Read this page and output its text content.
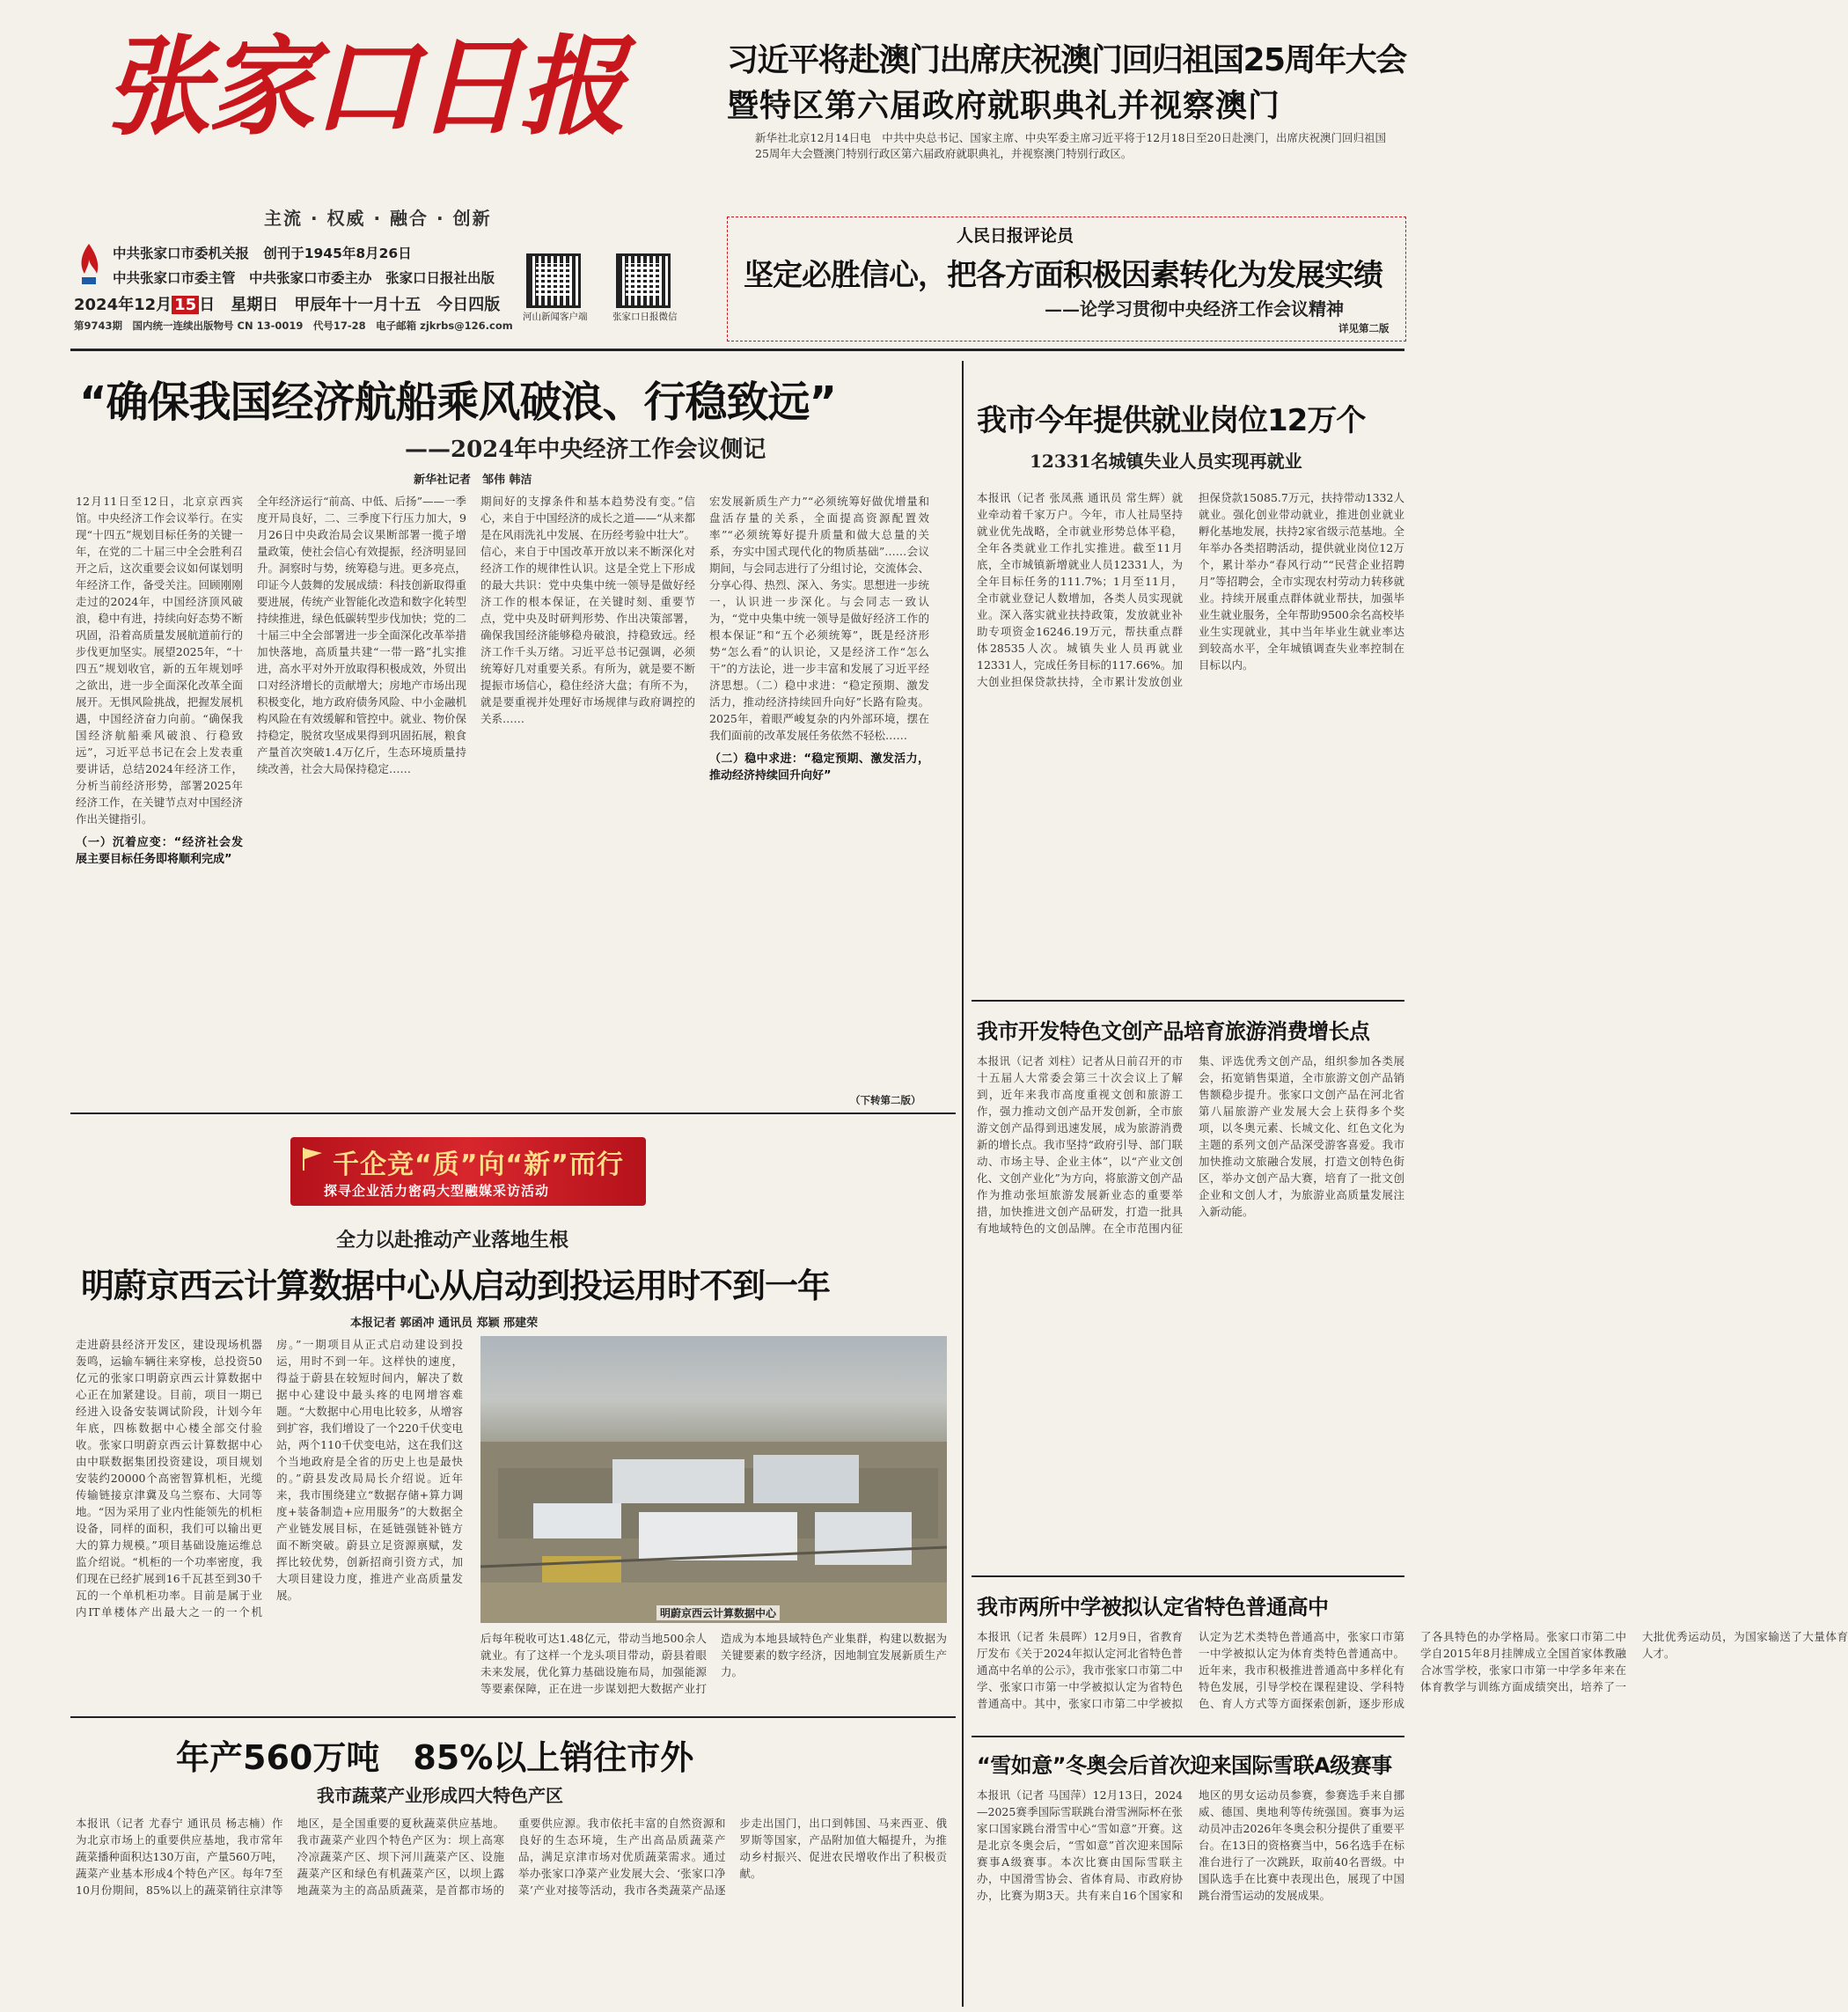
张家口日报
主流 · 权威 · 融合 · 创新
中共张家口市委机关报 创刊于1945年8月26日
中共张家口市委主管　中共张家口市委主办　张家口日报社出版
2024年12月 15 日　星期日　甲辰年十一月十五　今日四版
第9743期　国内统一连续出版物号 CN 13-0019　代号17-28　电子邮箱 zjkrbs@126.com
河山新闻客户端	张家口日报微信
习近平将赴澳门出席庆祝澳门回归祖国25周年大会
暨特区第六届政府就职典礼并视察澳门
新华社北京12月14日电　中共中央总书记、国家主席、中央军委主席习近平将于12月18日至20日赴澳门，出席庆祝澳门回归祖国25周年大会暨澳门特别行政区第六届政府就职典礼，并视察澳门特别行政区。
人民日报评论员
坚定必胜信心，把各方面积极因素转化为发展实绩
——论学习贯彻中央经济工作会议精神
详见第二版
“确保我国经济航船乘风破浪、行稳致远”
——2024年中央经济工作会议侧记
新华社记者　邹伟 韩洁
12月11日至12日，北京京西宾馆。中央经济工作会议举行。在实现“十四五”规划目标任务的关键一年，在党的二十届三中全会胜利召开之后，这次重要会议如何谋划明年经济工作，备受关注。回顾刚刚走过的2024年，中国经济顶风破浪，稳中有进，持续向好态势不断巩固，沿着高质量发展航道前行的步伐更加坚实。展望2025年，“十四五”规划收官，新的五年规划呼之欲出，进一步全面深化改革全面展开。无惧风险挑战，把握发展机遇，中国经济奋力向前。“确保我国经济航船乘风破浪、行稳致远”，习近平总书记在会上发表重要讲话，总结2024年经济工作，分析当前经济形势，部署2025年经济工作，在关键节点对中国经济作出关键指引。
（一）沉着应变：“经济社会发展主要目标任务即将顺利完成”
全年经济运行“前高、中低、后扬”——一季度开局良好，二、三季度下行压力加大，9月26日中央政治局会议果断部署一揽子增量政策，使社会信心有效提振，经济明显回升。洞察时与势，统筹稳与进。更多亮点，印证今人鼓舞的发展成绩：科技创新取得重要进展，传统产业智能化改造和数字化转型持续推进，绿色低碳转型步伐加快；党的二十届三中全会部署进一步全面深化改革举措加快落地，高质量共建“一带一路”扎实推进，高水平对外开放取得积极成效，外贸出口对经济增长的贡献增大；房地产市场出现积极变化，地方政府债务风险、中小金融机构风险在有效缓解和管控中。就业、物价保持稳定，脱贫攻坚成果得到巩固拓展，粮食产量首次突破1.4万亿斤，生态环境质量持续改善，社会大局保持稳定……
期间好的支撑条件和基本趋势没有变。”信心，来自于中国经济的成长之道——“从来都是在风雨洗礼中发展、在历经考验中壮大”。信心，来自于中国改革开放以来不断深化对经济工作的规律性认识。这是全党上下形成的最大共识：党中央集中统一领导是做好经济工作的根本保证，在关键时刻、重要节点，党中央及时研判形势、作出决策部署，确保我国经济能够稳舟破浪，持稳致远。经济工作千头万绪。习近平总书记强调，必须统筹好几对重要关系。有所为，就是要不断提振市场信心，稳住经济大盘；有所不为，就是要重视并处理好市场规律与政府调控的关系……
宏发展新质生产力”“必须统筹好做优增量和盘活存量的关系，全面提高资源配置效率”“必须统筹好提升质量和做大总量的关系，夯实中国式现代化的物质基础”……会议期间，与会同志进行了分组讨论，交流体会、分享心得、热烈、深入、务实。思想进一步统一，认识进一步深化。与会同志一致认为，“党中央集中统一领导是做好经济工作的根本保证”和“五个必须统筹”，既是经济形势“怎么看”的认识论，又是经济工作“怎么干”的方法论，进一步丰富和发展了习近平经济思想。（二）稳中求进：“稳定预期、激发活力，推动经济持续回升向好”长路有险夷。2025年，着眼严峻复杂的内外部环境，摆在我们面前的改革发展任务依然不轻松……
（二）稳中求进：“稳定预期、激发活力，推动经济持续回升向好”
（下转第二版）
我市今年提供就业岗位12万个
12331名城镇失业人员实现再就业
本报讯（记者 张凤燕 通讯员 常生辉）就业牵动着千家万户。今年，市人社局坚持就业优先战略，全市就业形势总体平稳，全年各类就业工作扎实推进。截至11月底，全市城镇新增就业人员12331人，为全年目标任务的111.7%；1月至11月，全市就业登记人数增加，各类人员实现就业。深入落实就业扶持政策，发放就业补助专项资金16246.19万元，帮扶重点群体28535人次。城镇失业人员再就业12331人，完成任务目标的117.66%。加大创业担保贷款扶持，全市累计发放创业担保贷款15085.7万元，扶持带动1332人就业。强化创业带动就业，推进创业就业孵化基地发展，扶持2家省级示范基地。全年举办各类招聘活动，提供就业岗位12万个，累计举办“春风行动”“民营企业招聘月”等招聘会，全市实现农村劳动力转移就业。持续开展重点群体就业帮扶，加强毕业生就业服务，全年帮助9500余名高校毕业生实现就业，其中当年毕业生就业率达到较高水平，全年城镇调查失业率控制在目标以内。
我市开发特色文创产品培育旅游消费增长点
本报讯（记者 刘柱）记者从日前召开的市十五届人大常委会第三十次会议上了解到，近年来我市高度重视文创和旅游工作，强力推动文创产品开发创新，全市旅游文创产品得到迅速发展，成为旅游消费新的增长点。我市坚持“政府引导、部门联动、市场主导、企业主体”，以“产业文创化、文创产业化”为方向，将旅游文创产品作为推动张垣旅游发展新业态的重要举措，加快推进文创产品研发，打造一批具有地域特色的文创品牌。在全市范围内征集、评选优秀文创产品，组织参加各类展会，拓宽销售渠道，全市旅游文创产品销售额稳步提升。张家口文创产品在河北省第八届旅游产业发展大会上获得多个奖项，以冬奥元素、长城文化、红色文化为主题的系列文创产品深受游客喜爱。我市加快推动文旅融合发展，打造文创特色街区，举办文创产品大赛，培育了一批文创企业和文创人才，为旅游业高质量发展注入新动能。
我市两所中学被拟认定省特色普通高中
本报讯（记者 朱晨晖）12月9日，省教育厅发布《关于2024年拟认定河北省特色普通高中名单的公示》，我市张家口市第二中学、张家口市第一中学被拟认定为省特色普通高中。其中，张家口市第二中学被拟认定为艺术类特色普通高中，张家口市第一中学被拟认定为体育类特色普通高中。近年来，我市积极推进普通高中多样化有特色发展，引导学校在课程建设、学科特色、育人方式等方面探索创新，逐步形成了各具特色的办学格局。张家口市第二中学自2015年8月挂牌成立全国首家体教融合冰雪学校，张家口市第一中学多年来在体育教学与训练方面成绩突出，培养了一大批优秀运动员，为国家输送了大量体育人才。
千企竞“质”向“新”而行
探寻企业活力密码大型融媒采访活动
全力以赴推动产业落地生根
明蔚京西云计算数据中心从启动到投运用时不到一年
本报记者 郭函冲 通讯员 郑颖 邢建荣
走进蔚县经济开发区，建设现场机器轰鸣，运输车辆往来穿梭，总投资50亿元的张家口明蔚京西云计算数据中心正在加紧建设。目前，项目一期已经进入设备安装调试阶段，计划今年年底，四栋数据中心楼全部交付验收。张家口明蔚京西云计算数据中心由中联数据集团投资建设，项目规划安装约20000个高密智算机柜，光缆传输链接京津冀及乌兰察布、大同等地。“因为采用了业内性能领先的机柜设备，同样的面积，我们可以输出更大的算力规模。”项目基础设施运维总监介绍说。“机柜的一个功率密度，我们现在已经扩展到16千瓦甚至到30千瓦的一个单机柜功率。目前是属于业内IT单楼体产出最大之一的一个机房。”一期项目从正式启动建设到投运，用时不到一年。这样快的速度，得益于蔚县在较短时间内，解决了数据中心建设中最头疼的电网增容难题。“大数据中心用电比较多，从增容到扩容，我们增设了一个220千伏变电站，两个110千伏变电站，这在我们这个当地政府是全省的历史上也是最快的。”蔚县发改局局长介绍说。近年来，我市围绕建立“数据存储+算力调度+装备制造+应用服务”的大数据全产业链发展目标，在延链强链补链方面不断突破。蔚县立足资源禀赋，发挥比较优势，创新招商引资方式，加大项目建设力度，推进产业高质量发展。
明蔚京西云计算数据中心
后每年税收可达1.48亿元，带动当地500余人就业。有了这样一个龙头项目带动，蔚县着眼未来发展，优化算力基础设施布局，加强能源等要素保障，正在进一步谋划把大数据产业打造成为本地县域特色产业集群，构建以数据为关键要素的数字经济，因地制宜发展新质生产力。
年产560万吨　85%以上销往市外
我市蔬菜产业形成四大特色产区
本报讯（记者 尤春宁 通讯员 杨志楠）作为北京市场上的重要供应基地，我市常年蔬菜播种面积达130万亩，产量560万吨，蔬菜产业基本形成4个特色产区。每年7至10月份期间，85%以上的蔬菜销往京津等地区，是全国重要的夏秋蔬菜供应基地。我市蔬菜产业四个特色产区为：坝上高寒冷凉蔬菜产区、坝下河川蔬菜产区、设施蔬菜产区和绿色有机蔬菜产区，以坝上露地蔬菜为主的高品质蔬菜，是首都市场的重要供应源。我市依托丰富的自然资源和良好的生态环境，生产出高品质蔬菜产品，满足京津市场对优质蔬菜需求。通过举办张家口净菜产业发展大会、‘张家口净菜’产业对接等活动，我市各类蔬菜产品逐步走出国门，出口到韩国、马来西亚、俄罗斯等国家，产品附加值大幅提升，为推动乡村振兴、促进农民增收作出了积极贡献。
“雪如意”冬奥会后首次迎来国际雪联A级赛事
本报讯（记者 马国萍）12月13日，2024—2025赛季国际雪联跳台滑雪洲际杯在张家口国家跳台滑雪中心“雪如意”开赛。这是北京冬奥会后，“雪如意”首次迎来国际赛事A级赛事。本次比赛由国际雪联主办，中国滑雪协会、省体育局、市政府协办，比赛为期3天。共有来自16个国家和地区的男女运动员参赛，参赛选手来自挪威、德国、奥地利等传统强国。赛事为运动员冲击2026年冬奥会积分提供了重要平台。在13日的资格赛当中，56名选手在标准台进行了一次跳跃，取前40名晋级。中国队选手在比赛中表现出色，展现了中国跳台滑雪运动的发展成果。
